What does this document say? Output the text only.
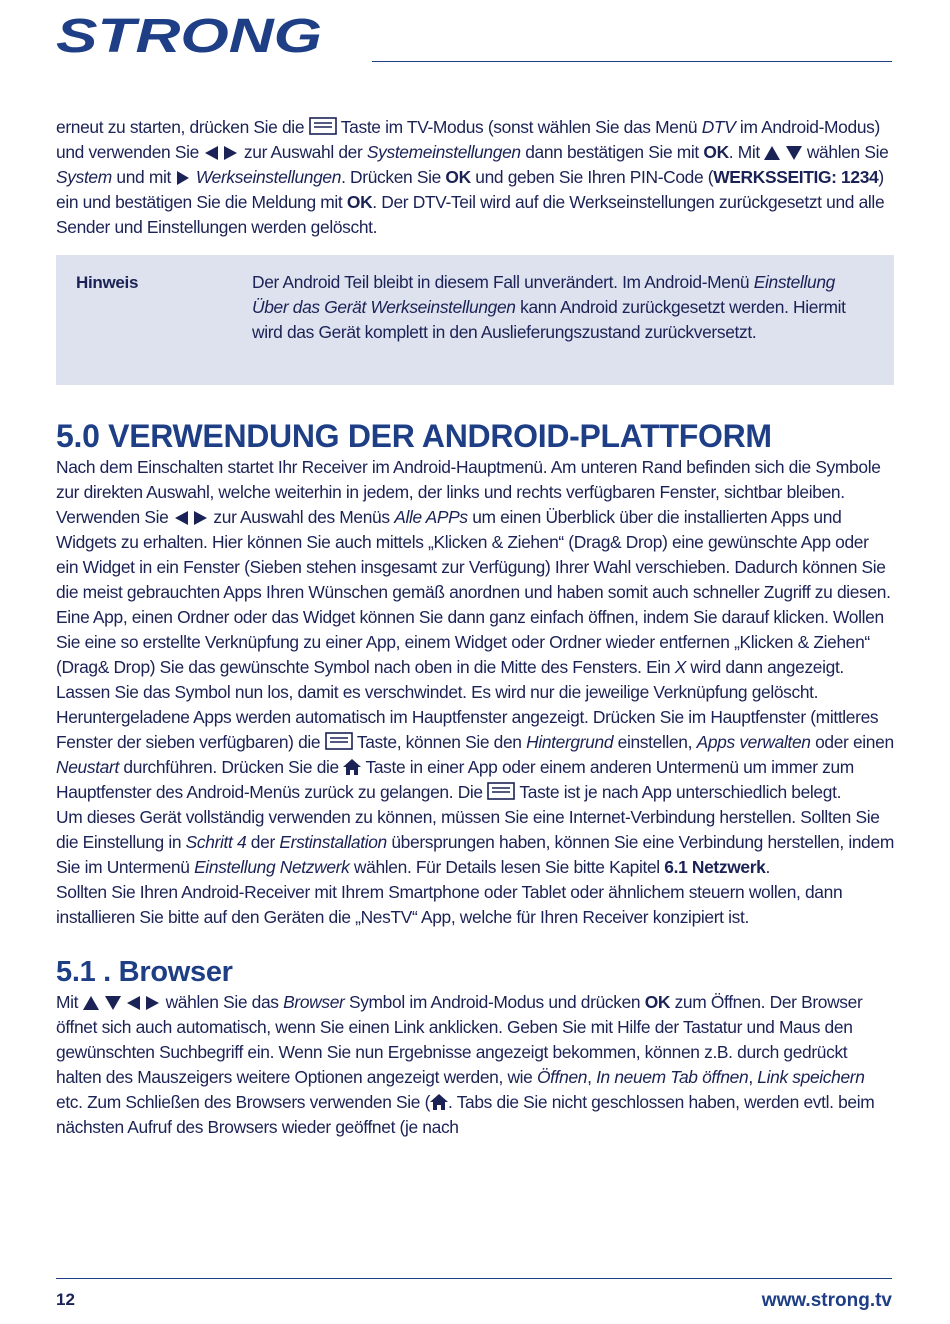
STRONG

erneut zu starten, drücken Sie die  Taste im TV-Modus (sonst wählen Sie das Menü DTV im Android-Modus) und verwenden Sie  zur Auswahl der Systemeinstellungen dann bestätigen Sie mit OK. Mit  wählen Sie System und mit  Werkseinstellungen. Drücken Sie OK und geben Sie Ihren PIN-Code (WERKSSEITIG: 1234) ein und bestätigen Sie die Meldung mit OK. Der DTV-Teil wird auf die Werkseinstellungen zurückgesetzt und alle Sender und Einstellungen werden gelöscht.

Hinweis	Der Android Teil bleibt in diesem Fall unverändert. Im Android-Menü Einstellung Über das Gerät Werkseinstellungen kann Android zurückgesetzt werden. Hiermit wird das Gerät komplett in den Auslieferungszustand zurückversetzt.
5.0 VERWENDUNG DER ANDROID-PLATTFORM

Nach dem Einschalten startet Ihr Receiver im Android-Hauptmenü. Am unteren Rand befinden sich die Symbole zur direkten Auswahl, welche weiterhin in jedem, der links und rechts verfügbaren Fenster, sichtbar bleiben. Verwenden Sie  zur Auswahl des Menüs Alle APPs um einen Überblick über die installierten Apps und Widgets zu erhalten. Hier können Sie auch mittels „Klicken & Ziehen“ (Drag& Drop) eine gewünschte App oder ein Widget in ein Fenster (Sieben stehen insgesamt zur Verfügung) Ihrer Wahl verschieben. Dadurch können Sie die meist gebrauchten Apps Ihren Wünschen gemäß anordnen und haben somit auch schneller Zugriff zu diesen. Eine App, einen Ordner oder das Widget können Sie dann ganz einfach öffnen, indem Sie darauf klicken. Wollen Sie eine so erstellte Verknüpfung zu einer App, einem Widget oder Ordner wieder entfernen „Klicken & Ziehen“ (Drag& Drop) Sie das gewünschte Symbol nach oben in die Mitte des Fensters. Ein X wird dann angezeigt. Lassen Sie das Symbol nun los, damit es verschwindet. Es wird nur die jeweilige Verknüpfung gelöscht. Heruntergeladene Apps werden automatisch im Hauptfenster angezeigt. Drücken Sie im Hauptfenster (mittleres Fenster der sieben verfügbaren) die  Taste, können Sie den Hintergrund einstellen, Apps verwalten oder einen Neustart durchführen. Drücken Sie die  Taste in einer App oder einem anderen Untermenü um immer zum Hauptfenster des Android-Menüs zurück zu gelangen. Die  Taste ist je nach App unterschiedlich belegt.

Um dieses Gerät vollständig verwenden zu können, müssen Sie eine Internet-Verbindung herstellen. Sollten Sie die Einstellung in Schritt 4 der Erstinstallation übersprungen haben, können Sie eine Verbindung herstellen, indem Sie im Untermenü Einstellung Netzwerk wählen. Für Details lesen Sie bitte Kapitel 6.1 Netzwerk.

Sollten Sie Ihren Android-Receiver mit Ihrem Smartphone oder Tablet oder ähnlichem steuern wollen, dann installieren Sie bitte auf den Geräten die „NesTV“ App, welche für Ihren Receiver konzipiert ist.

5.1 . Browser

Mit	wählen Sie das Browser Symbol im Android-Modus und drücken OK zum Öffnen. Der Browser öffnet sich auch automatisch, wenn Sie einen Link anklicken. Geben Sie mit Hilfe der Tastatur und Maus den gewünschten Suchbegriff ein. Wenn Sie nun Ergebnisse angezeigt bekommen, können z.B. durch gedrückt halten des Mauszeigers weitere Optionen angezeigt werden, wie Öffnen, In neuem Tab öffnen, Link speichern etc. Zum Schließen des Browsers verwenden Sie ( . Tabs die Sie nicht geschlossen haben, werden evtl. beim nächsten Aufruf des Browsers wieder geöffnet (je nach

12	www.strong.tv
